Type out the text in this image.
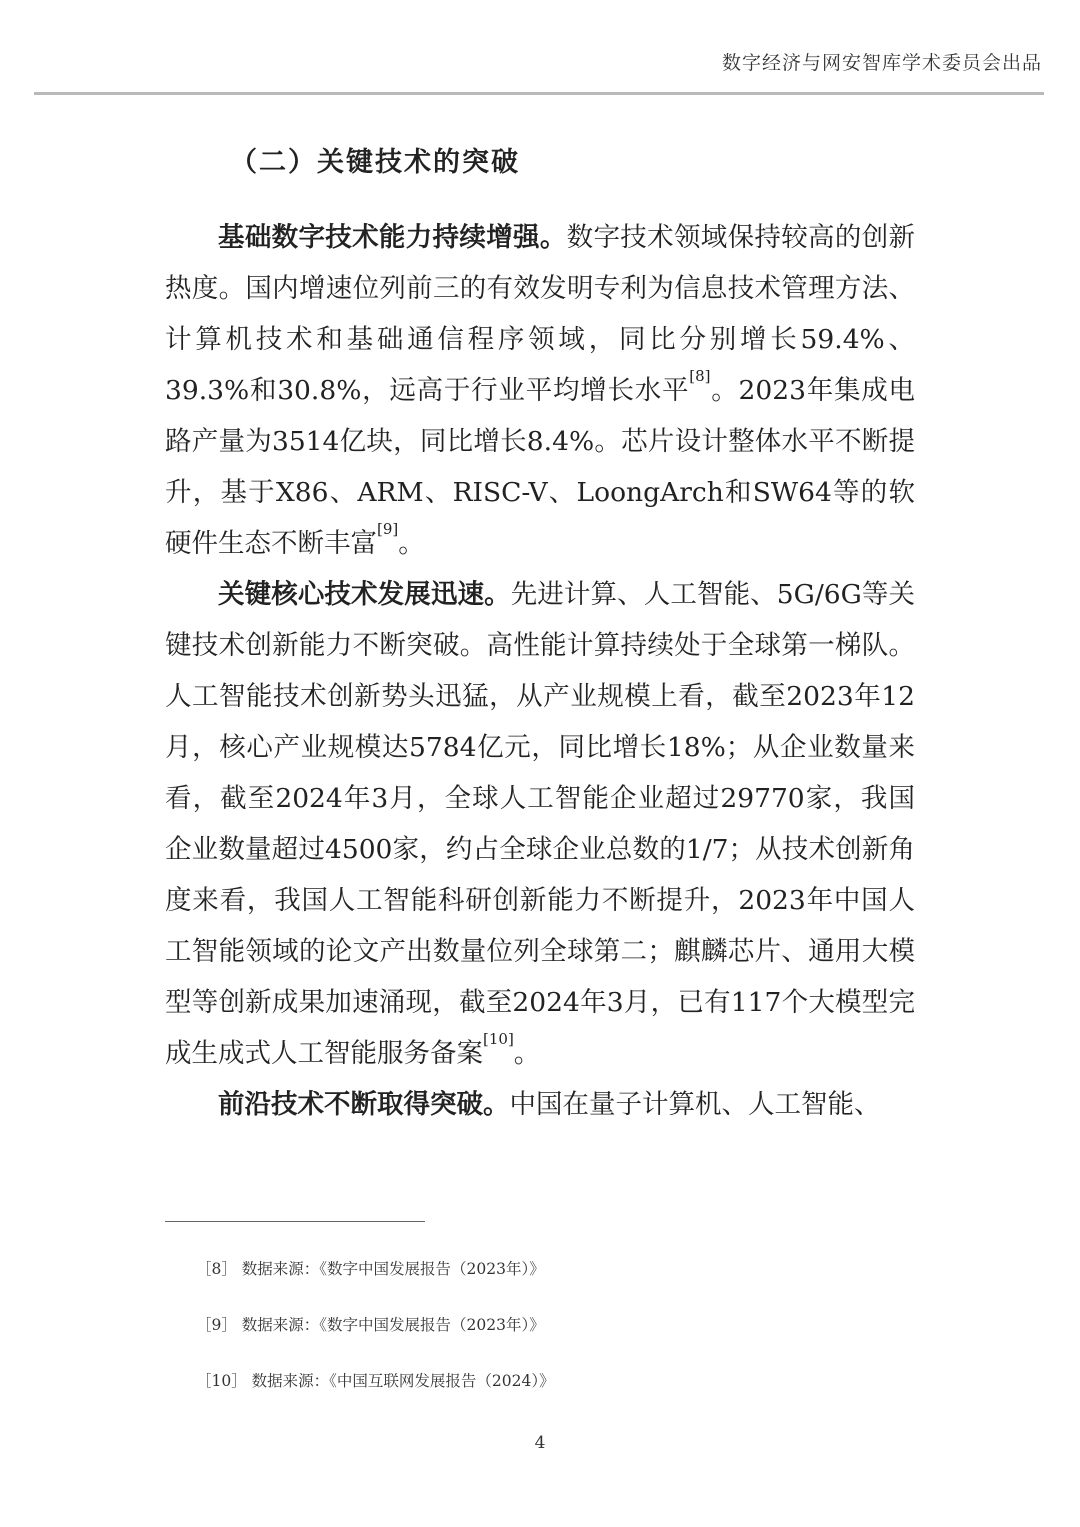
数字经济与网安智库学术委员会出品
（二）关键技术的突破

基础数字技术能力持续增强。数字技术领域保持较高的创新热度。国内增速位列前三的有效发明专利为信息技术管理方法、计算机技术和基础通信程序领域，同比分别增长59.4%、39.3%和30.8%，远高于行业平均增长水平[8]。2023年集成电路产量为3514亿块，同比增长8.4%。芯片设计整体水平不断提升，基于X86、ARM、RISC-V、LoongArch和SW64等的软硬件生态不断丰富[9]。

关键核心技术发展迅速。先进计算、人工智能、5G/6G等关键技术创新能力不断突破。高性能计算持续处于全球第一梯队。人工智能技术创新势头迅猛，从产业规模上看，截至2023年12月，核心产业规模达5784亿元，同比增长18%；从企业数量来看，截至2024年3月，全球人工智能企业超过29770家，我国企业数量超过4500家，约占全球企业总数的1/7；从技术创新角度来看，我国人工智能科研创新能力不断提升，2023年中国人工智能领域的论文产出数量位列全球第二；麒麟芯片、通用大模型等创新成果加速涌现，截至2024年3月，已有117个大模型完成生成式人工智能服务备案[10]。

前沿技术不断取得突破。中国在量子计算机、人工智能、

［8］ 数据来源：《数字中国发展报告（2023年）》
［9］ 数据来源：《数字中国发展报告（2023年）》
［10］ 数据来源：《中国互联网发展报告（2024）》
4
